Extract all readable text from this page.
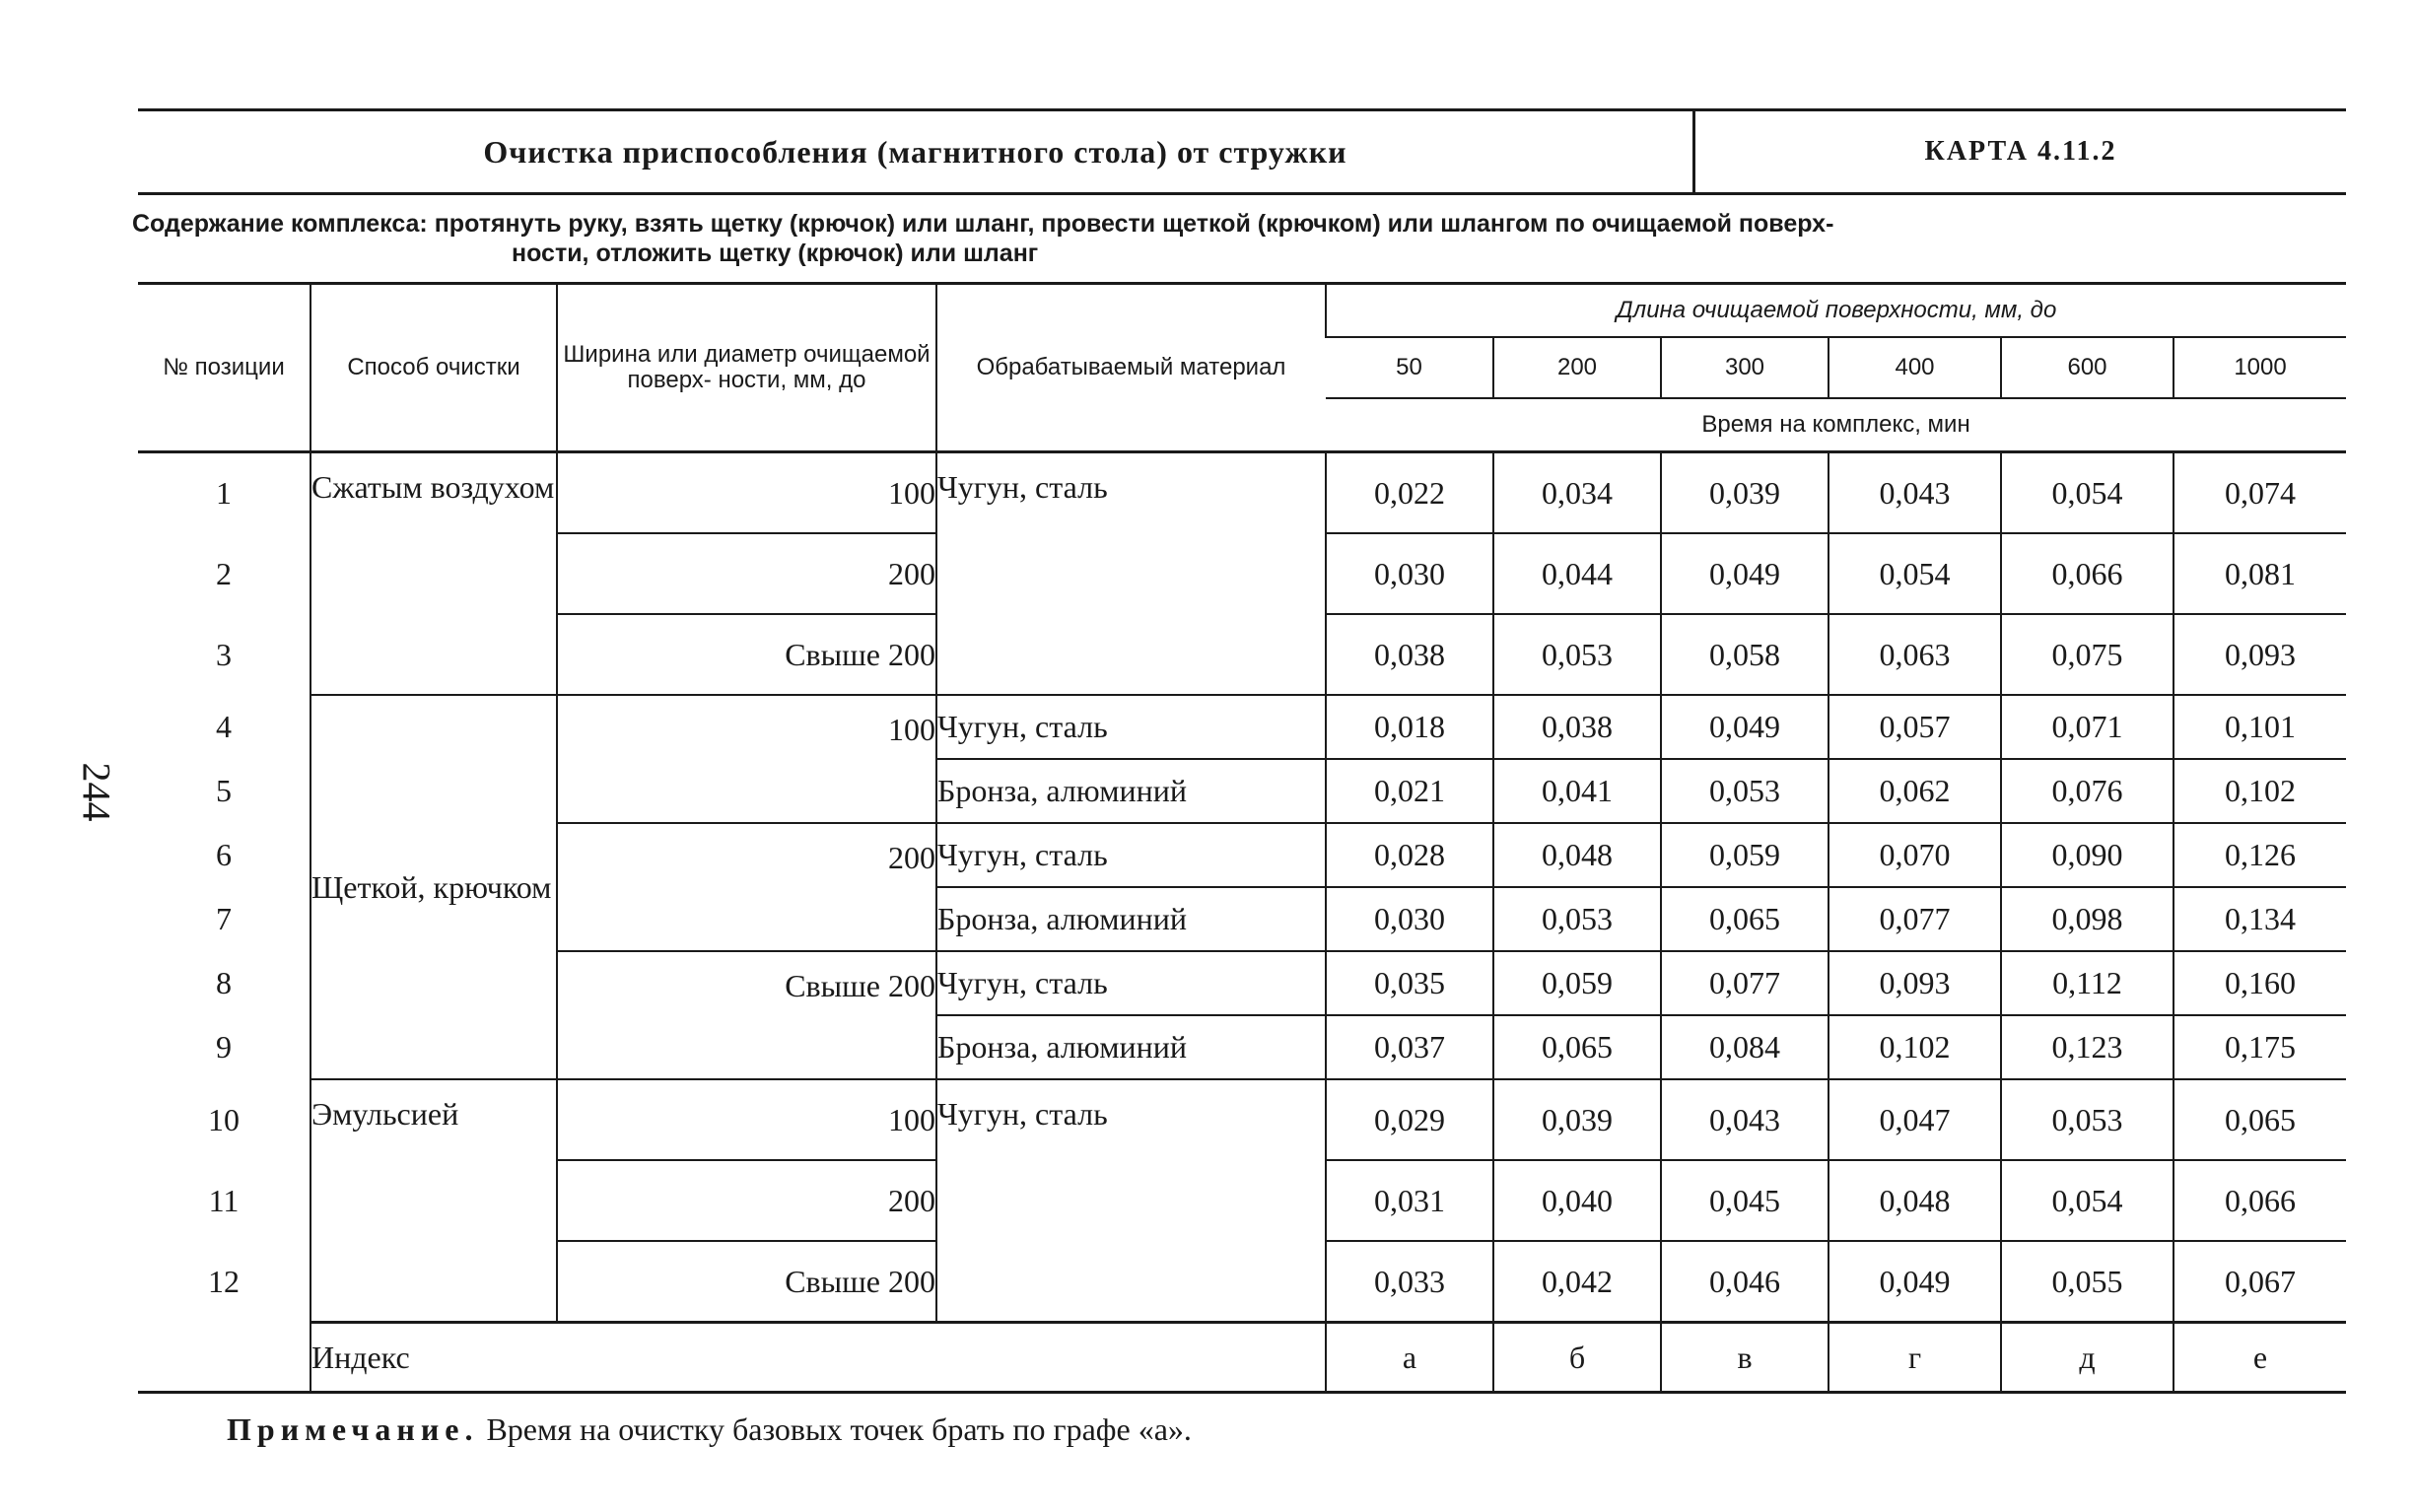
244
Очистка приспособления (магнитного стола) от стружки	КАРТА 4.11.2
Содержание комплекса: протянуть руку, взять щетку (крючок) или шланг, провести щеткой (крючком) или шлангом по очищаемой поверх-
ности, отложить щетку (крючок) или шланг
№ позиции	Способ очистки	Ширина или диаметр очищаемой поверх- ности, мм, до	Обрабатываемый материал	Длина очищаемой поверхности, мм, до					
				50	200	300	400	600	1000
				Время на комплекс, мин					
1	Сжатым воздухом	100	Чугун, сталь	0,022	0,034	0,039	0,043	0,054	0,074
2		200		0,030	0,044	0,049	0,054	0,066	0,081
3		Свыше 200		0,038	0,053	0,058	0,063	0,075	0,093
4	Щеткой, крючком	100	Чугун, сталь	0,018	0,038	0,049	0,057	0,071	0,101
5			Бронза, алюминий	0,021	0,041	0,053	0,062	0,076	0,102
6		200	Чугун, сталь	0,028	0,048	0,059	0,070	0,090	0,126
7			Бронза, алюминий	0,030	0,053	0,065	0,077	0,098	0,134
8		Свыше 200	Чугун, сталь	0,035	0,059	0,077	0,093	0,112	0,160
9			Бронза, алюминий	0,037	0,065	0,084	0,102	0,123	0,175
10	Эмульсией	100	Чугун, сталь	0,029	0,039	0,043	0,047	0,053	0,065
11		200		0,031	0,040	0,045	0,048	0,054	0,066
12		Свыше 200		0,033	0,042	0,046	0,049	0,055	0,067
	Индекс			а	б	в	г	д	е
Примечание. Время на очистку базовых точек брать по графе «а».
